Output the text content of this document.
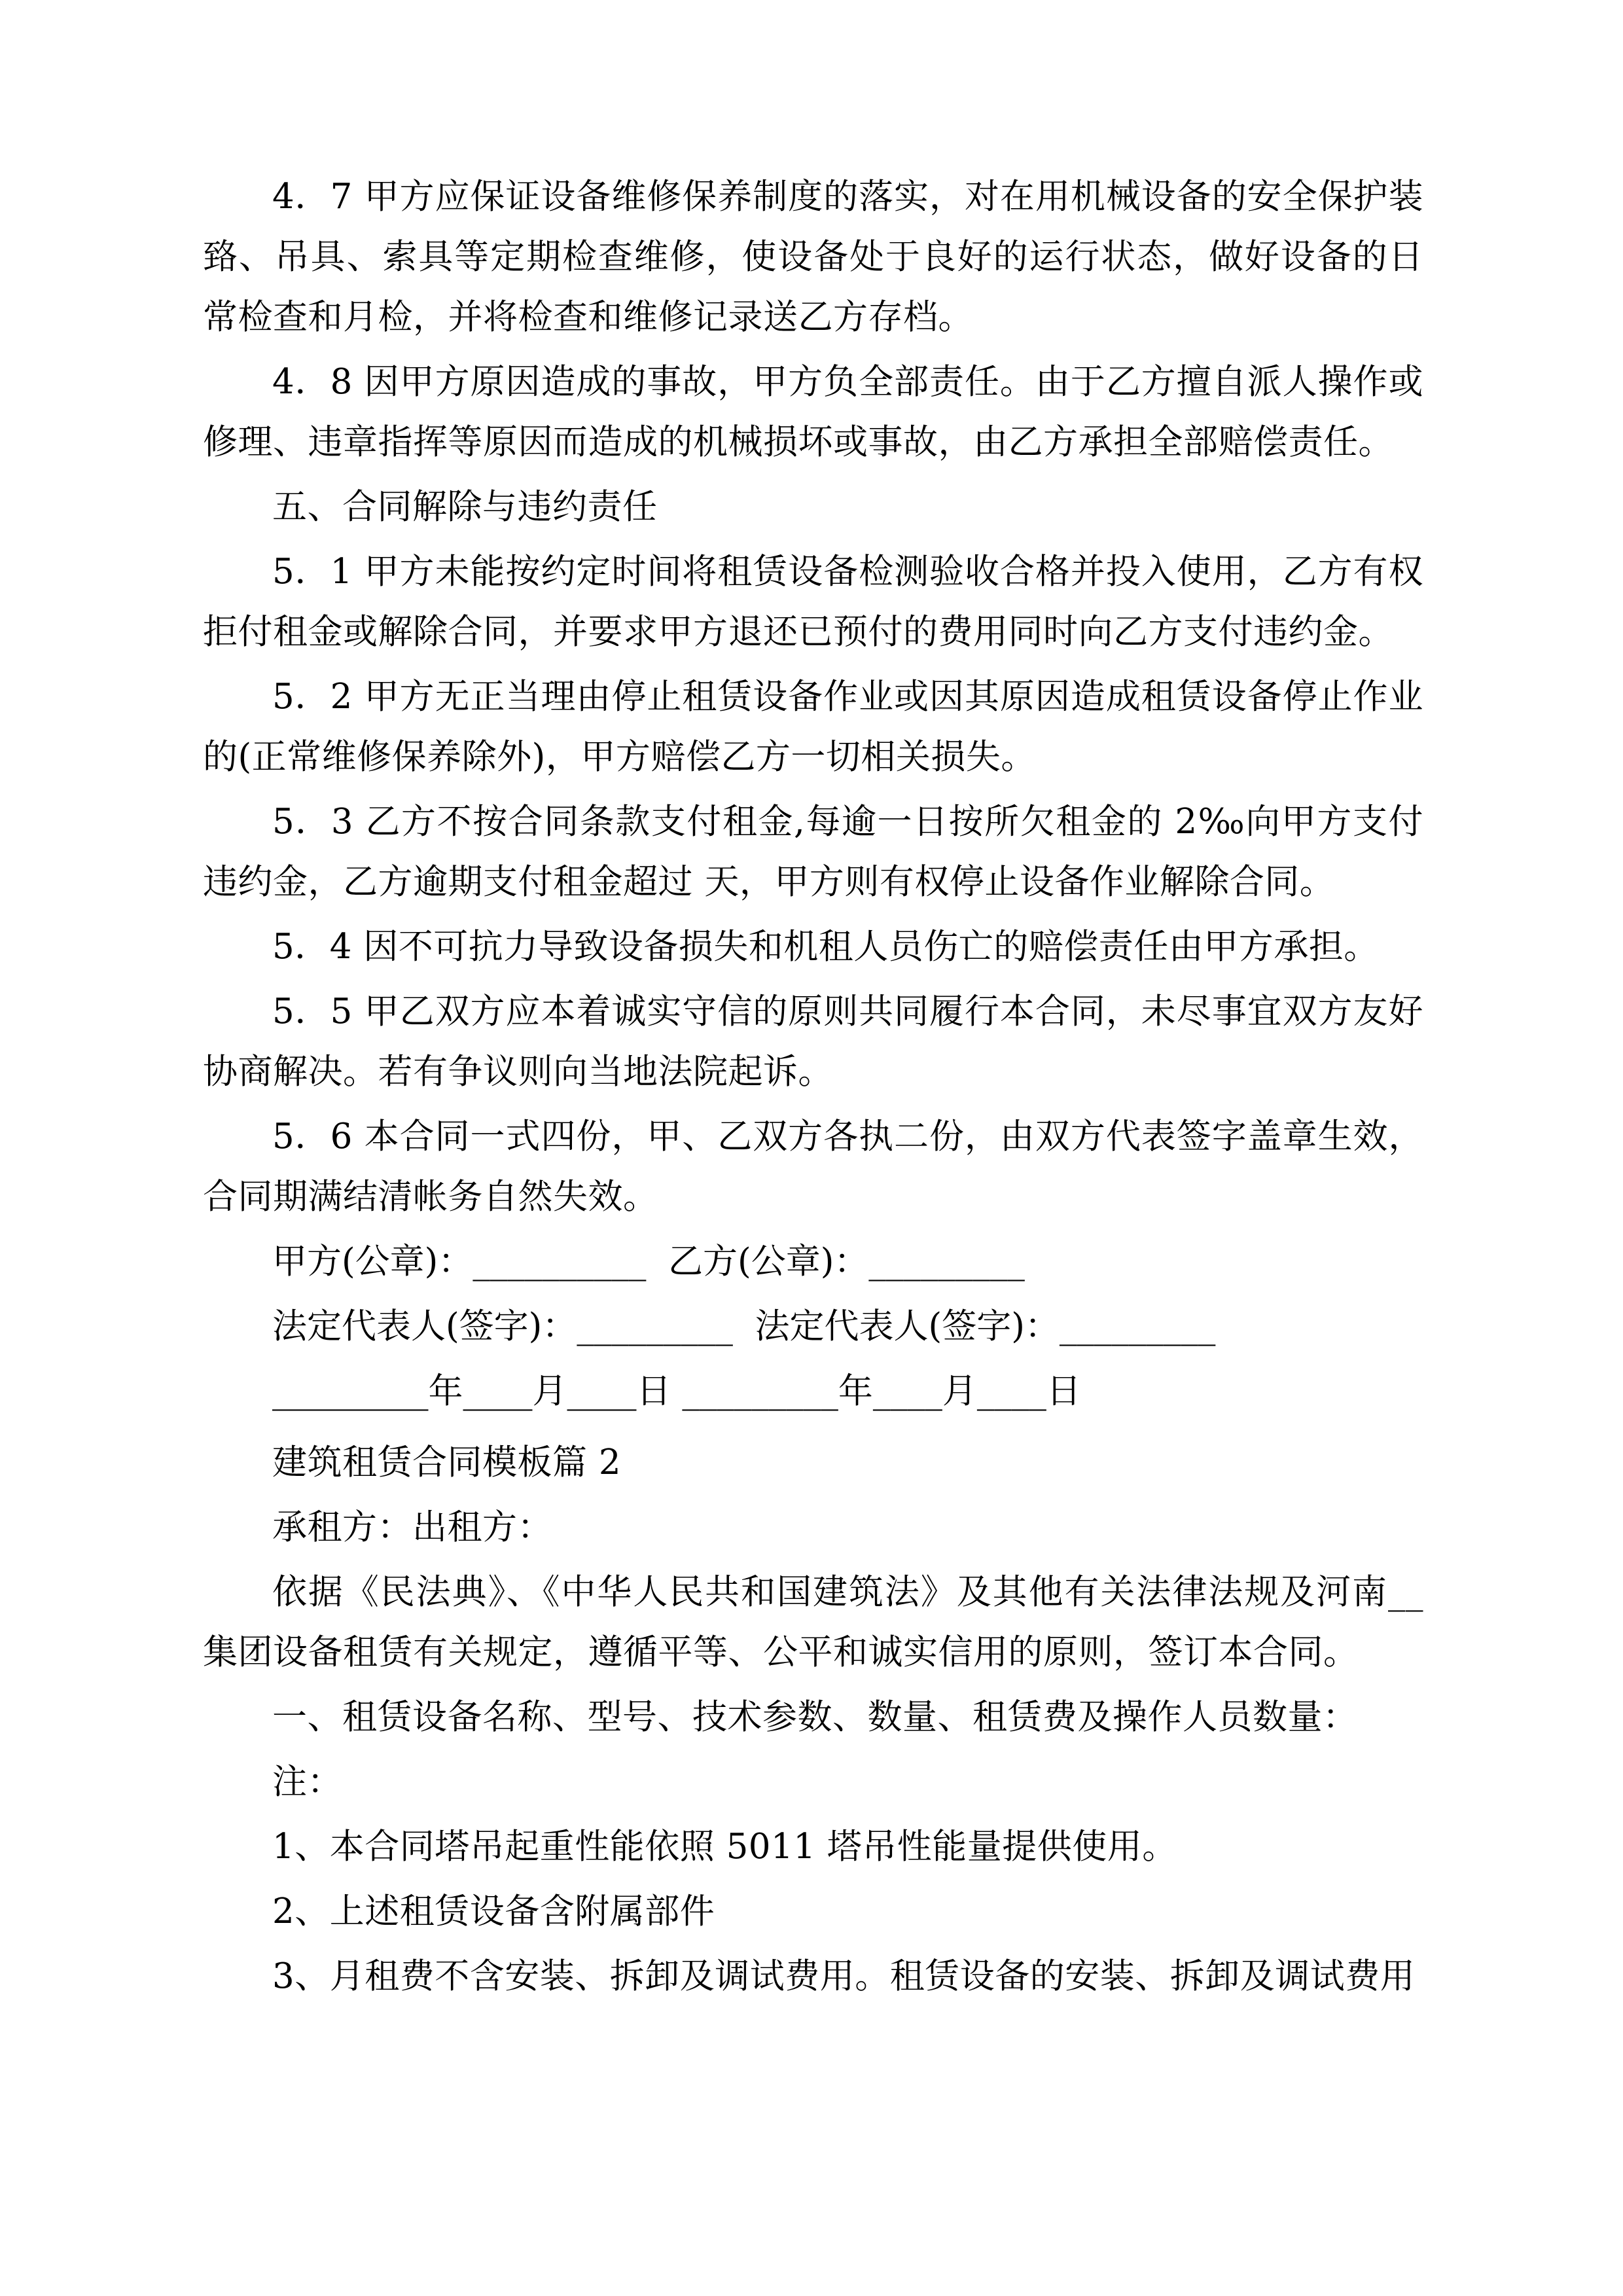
4．7 甲方应保证设备维修保养制度的落实，对在用机械设备的安全保护装臵、吊具、索具等定期检查维修，使设备处于良好的运行状态，做好设备的日常检查和月检，并将检查和维修记录送乙方存档。

4．8 因甲方原因造成的事故，甲方负全部责任。由于乙方擅自派人操作或修理、违章指挥等原因而造成的机械损坏或事故，由乙方承担全部赔偿责任。

五、合同解除与违约责任

5．1 甲方未能按约定时间将租赁设备检测验收合格并投入使用，乙方有权拒付租金或解除合同，并要求甲方退还已预付的费用同时向乙方支付违约金。

5．2 甲方无正当理由停止租赁设备作业或因其原因造成租赁设备停止作业的(正常维修保养除外)，甲方赔偿乙方一切相关损失。

5．3 乙方不按合同条款支付租金,每逾一日按所欠租金的 2‰向甲方支付违约金，乙方逾期支付租金超过 天，甲方则有权停止设备作业解除合同。

5．4 因不可抗力导致设备损失和机租人员伤亡的赔偿责任由甲方承担。

5．5 甲乙双方应本着诚实守信的原则共同履行本合同，未尽事宜双方友好协商解决。若有争议则向当地法院起诉。

5．6 本合同一式四份，甲、乙双方各执二份，由双方代表签字盖章生效，合同期满结清帐务自然失效。

甲方(公章)：__________  乙方(公章)：_________

法定代表人(签字)：_________  法定代表人(签字)：_________

_________年____月____日 _________年____月____日

建筑租赁合同模板篇 2

承租方：出租方：

依据《民法典》、《中华人民共和国建筑法》及其他有关法律法规及河南__集团设备租赁有关规定，遵循平等、公平和诚实信用的原则，签订本合同。

一、租赁设备名称、型号、技术参数、数量、租赁费及操作人员数量：

注：

1、本合同塔吊起重性能依照 5011 塔吊性能量提供使用。

2、上述租赁设备含附属部件

3、月租费不含安装、拆卸及调试费用。租赁设备的安装、拆卸及调试费用
